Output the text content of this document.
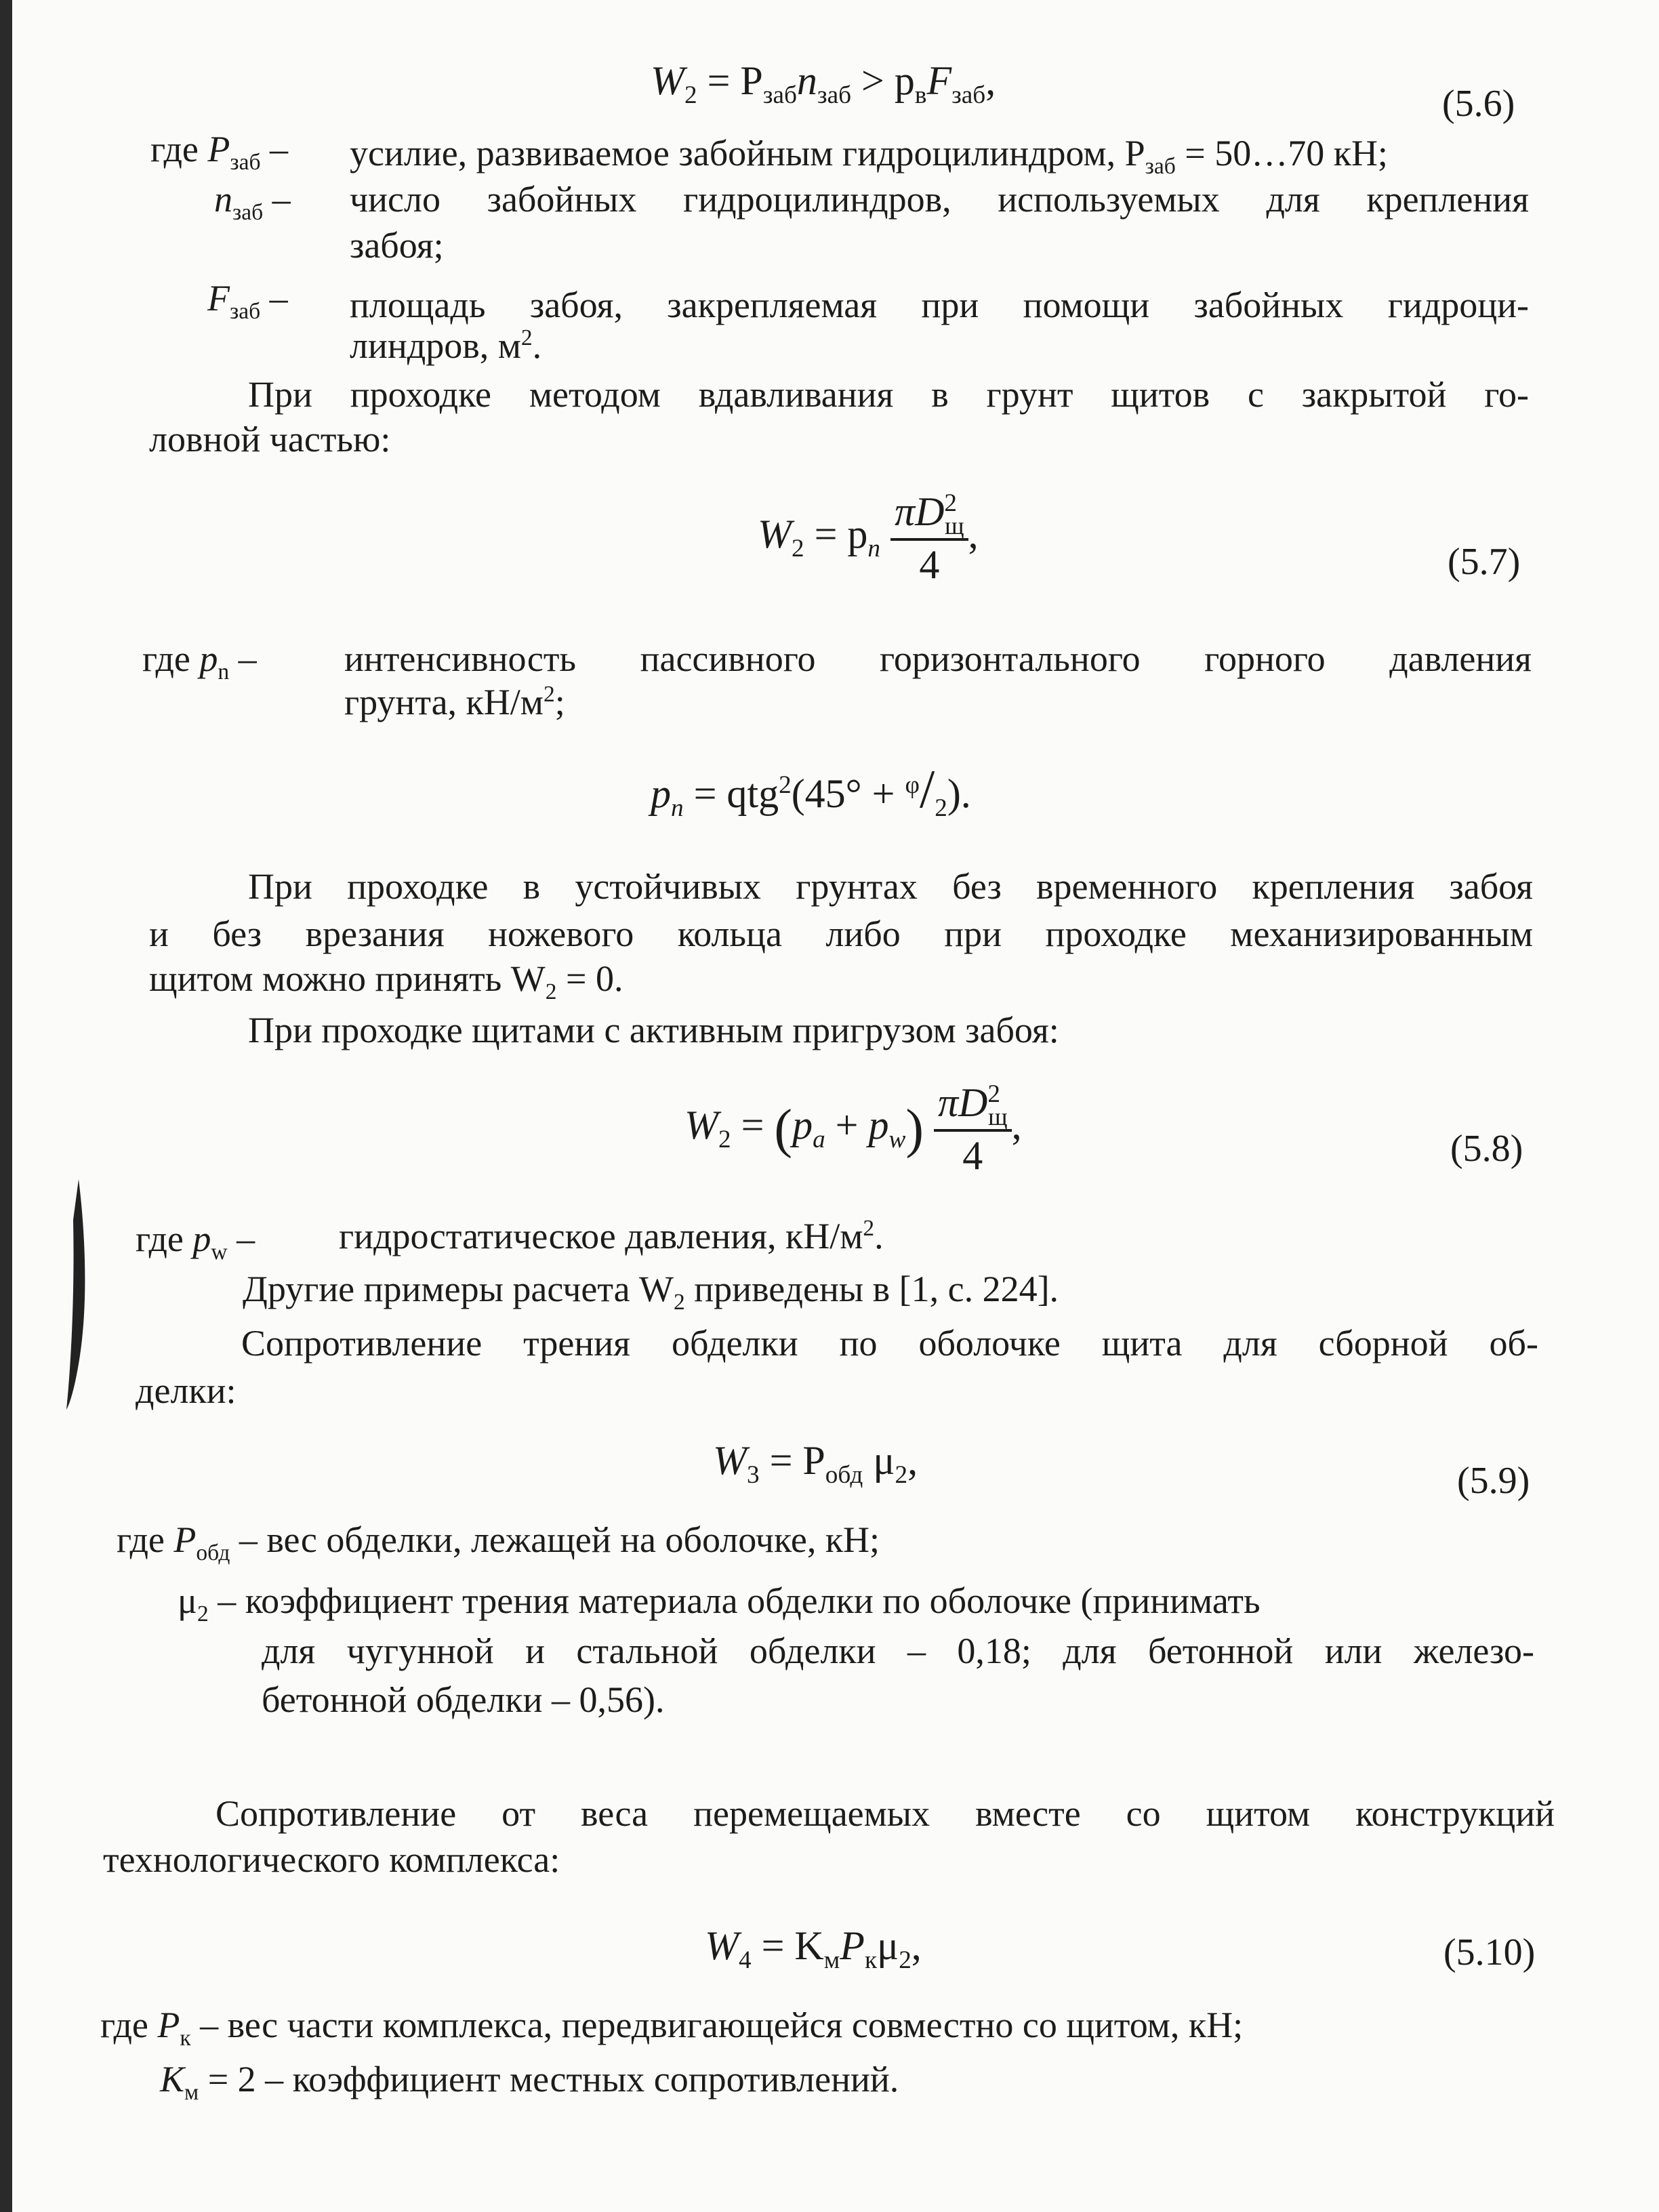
$W_2 = P_{заб}n_{заб} > p_вF_{заб}$,
(5.6)
где $P_{заб}$ – усилие, развиваемое забойным гидроцилиндром, $P_{заб}$ = 50…70 кН;
$n_{заб}$ – число забойных гидроцилиндров, используемых для крепления
забоя;
$F_{заб}$ – площадь забоя, закрепляемая при помощи забойных гидроци-
линдров, $м^2$.
При проходке методом вдавливания в грунт щитов с закрытой го-
ловной частью:
$W_2 = p_n \frac{\pi D^2_щ}{4}$ ,
(5.7)
где $p_n$ – интенсивность пассивного горизонтального горного давления
грунта, $кН/м^2$;
$p_n = qtg^2(45^\circ + ^\varphi/_2)$.
При проходке в устойчивых грунтах без временного крепления забоя
и без врезания ножевого кольца либо при проходке механизированным
щитом можно принять $W_2 = 0$.
При проходке щитами с активным пригрузом забоя:
$W_2 = (p_a + p_w) \frac{\pi D^2_щ}{4}$ ,
(5.8)
где $p_w$ – гидростатическое давления, $кН/м^2$.
Другие примеры расчета $W_2$ приведены в [1, с. 224].
Сопротивление трения обделки по оболочке щита для сборной об-
делки:
$W_3 = P_{обд}$ $\mu_2$,	(5.9)
где $P_{обд}$ – вес обделки, лежащей на оболочке, кН;
$\mu_2$ – коэффициент трения материала обделки по оболочке (принимать
для чугунной и стальной обделки – 0,18; для бетонной или железо-
бетонной обделки – 0,56).
Сопротивление от веса перемещаемых вместе со щитом конструкций
технологического комплекса:
$W_4 = K_мP_к\mu_2$,	(5.10)
где $P_к$ – вес части комплекса, передвигающейся совместно со щитом, кН;
$K_м = 2$ – коэффициент местных сопротивлений.
